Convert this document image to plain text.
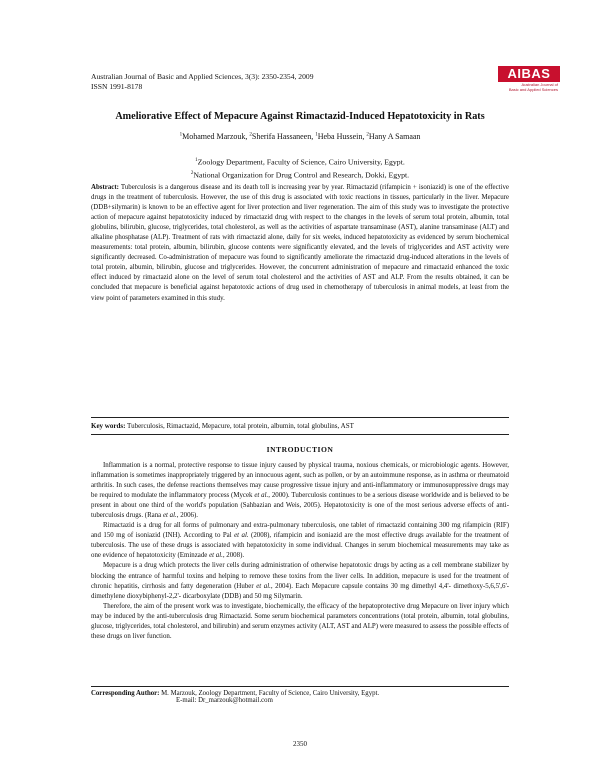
Australian Journal of Basic and Applied Sciences, 3(3): 2350-2354, 2009
ISSN 1991-8178
AIBAS
Australian Journal of
Basic and Applied Sciences
Ameliorative Effect of Mepacure Against Rimactazid-Induced Hepatotoxicity in Rats
$^1$Mohamed Marzouk, $^2$Sherifa Hassaneen, $^1$Heba Hussein, $^2$Hany A Samaan
$^1$Zoology Department, Faculty of Science, Cairo University, Egypt.
$^2$National Organization for Drug Control and Research, Dokki, Egypt.
Abstract: Tuberculosis is a dangerous disease and its death toll is increasing year by year. Rimactazid (rifampicin + isoniazid) is one of the effective drugs in the treatment of tuberculosis. However, the use of this drug is associated with toxic reactions in tissues, particularly in the liver. Mepacure (DDB+silymarin) is known to be an effective agent for liver protection and liver regeneration. The aim of this study was to investigate the protective action of mepacure against hepatotoxicity induced by rimactazid drug with respect to the changes in the levels of serum total protein, albumin, total globulins, bilirubin, glucose, triglycerides, total cholesterol, as well as the activities of aspartate transaminase (AST), alanine transaminase (ALT) and alkaline phosphatase (ALP). Treatment of rats with rimactazid alone, daily for six weeks, induced hepatotoxicity as evidenced by serum biochemical measurements: total protein, albumin, bilirubin, glucose contents were significantly elevated, and the levels of triglycerides and AST activity were significantly decreased. Co-administration of mepacure was found to significantly ameliorate the rimactazid drug-induced alterations in the levels of total protein, albumin, bilirubin, glucose and triglycerides. However, the concurrent administration of mepacure and rimactazid enhanced the toxic effect induced by rimactazid alone on the level of serum total cholesterol and the activities of AST and ALP. From the results obtained, it can be concluded that mepacure is beneficial against hepatotoxic actions of drug used in chemotherapy of tuberculosis in animal models, at least from the view point of parameters examined in this study.
Key words: Tuberculosis, Rimactazid, Mepacure, total protein, albumin, total globulins, AST
INTRODUCTION

Inflammation is a normal, protective response to tissue injury caused by physical trauma, noxious chemicals, or microbiologic agents. However, inflammation is sometimes inappropriately triggered by an innocuous agent, such as pollen, or by an autoimmune response, as in asthma or rheumatoid arthritis. In such cases, the defense reactions themselves may cause progressive tissue injury and anti-inflammatory or immunosuppressive drugs may be required to modulate the inflammatory process (Mycek et al., 2000). Tuberculosis continues to be a serious disease worldwide and is believed to be present in about one third of the world's population (Sahbazian and Weis, 2005). Hepatotoxicity is one of the most serious adverse effects of anti-tuberculosis drugs. (Rana et al., 2006).

Rimactazid is a drug for all forms of pulmonary and extra-pulmonary tuberculosis, one tablet of rimactazid containing 300 mg rifampicin (RIF) and 150 mg of isoniazid (INH). According to Pal et al. (2008), rifampicin and isoniazid are the most effective drugs available for the treatment of tuberculosis. The use of these drugs is associated with hepatotoxicity in some individual. Changes in serum biochemical measurements may take as one evidence of hepatotoxicity (Eminzade et al., 2008).

Mepacure is a drug which protects the liver cells during administration of otherwise hepatotoxic drugs by acting as a cell membrane stabilizer by blocking the entrance of harmful toxins and helping to remove these toxins from the liver cells. In addition, mepacure is used for the treatment of chronic hepatitis, cirrhosis and fatty degeneration (Huber et al., 2004). Each Mepacure capsule contains 30 mg dimethyl 4,4'- dimethoxy-5,6,5',6'-dimethylene dioxybiphenyl-2,2'- dicarboxylate (DDB) and 50 mg Silymarin.

Therefore, the aim of the present work was to investigate, biochemically, the efficacy of the hepatoprotective drug Mepacure on liver injury which may be induced by the anti-tuberculosis drug Rimactazid. Some serum biochemical parameters concentrations (total protein, albumin, total globulins, glucose, triglycerides, total cholesterol, and bilirubin) and serum enzymes activity (ALT, AST and ALP) were measured to assess the possible effects of these drugs on liver function.

Corresponding Author: M. Marzouk, Zoology Department, Faculty of Science, Cairo University, Egypt.
E-mail: Dr_marzouk@hotmail.com
2350
